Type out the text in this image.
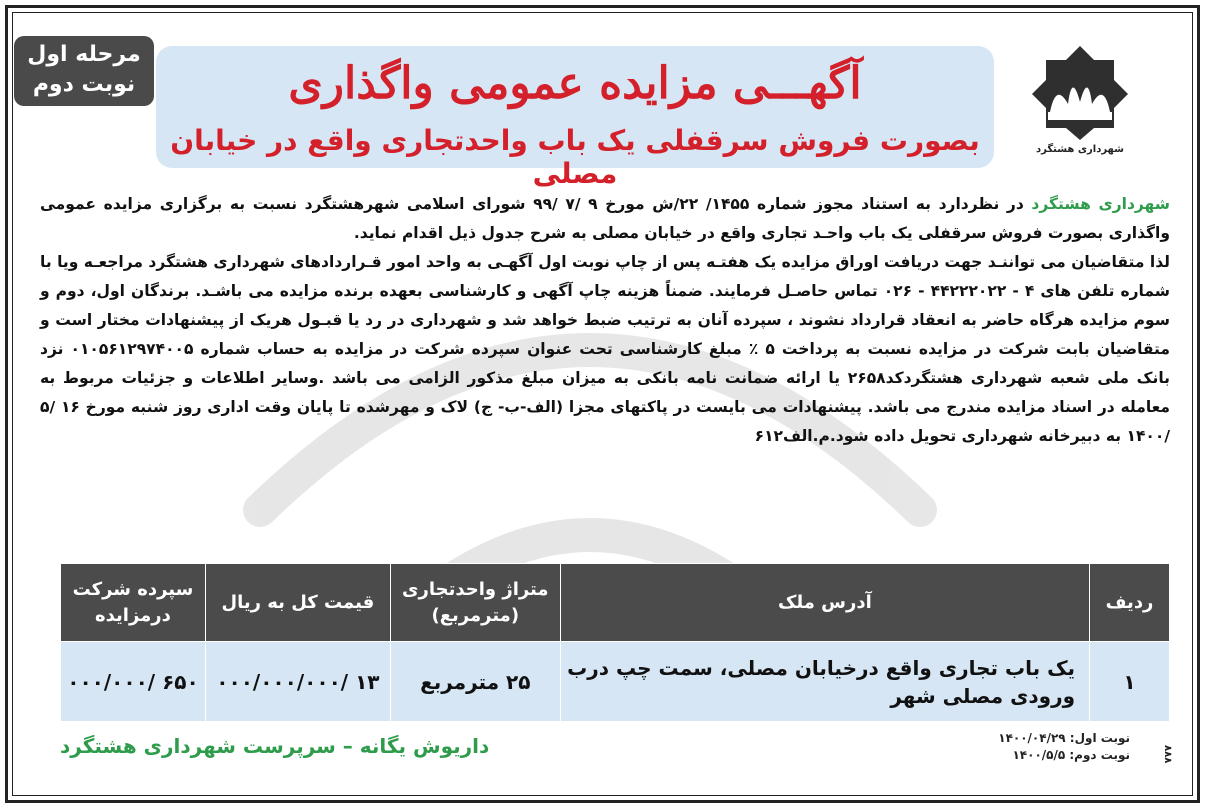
مرحله اول
نوبت دوم	آگهـــی مزایده عمومی واگذاری
بصورت فروش سرقفلی یک باب واحدتجاری واقع در خیابان مصلی
شهرداری هشتگرد

شهرداری هشتگرد در نظردارد به استناد مجوز شماره ۱۴۵۵/ ۲۲/ش مورخ ۹ /۷ /۹۹ شورای اسلامی شهرهشتگرد نسبت به برگزاری مزایده عمومی واگذاری بصورت فروش سرقفلی یک باب واحـد تجاری واقع در خیابان مصلی به شرح جدول ذیل اقدام نماید.

لذا متقاضیان می تواننـد جهت دریافت اوراق مزایده یک هفتـه پس از چاپ نوبت اول آگهـی به واحد امور قـراردادهای شهرداری هشتگرد مراجعـه ویا با شماره تلفن های ۴ - ۴۴۲۲۲۰۲۲ - ۰۲۶ تماس حاصـل فرمایند. ضمناً هزینه چاپ آگهی و کارشناسی بعهده برنده مزایده می باشـد. برندگان اول، دوم و سوم مزایده هرگاه حاضر به انعقاد قرارداد نشوند ، سپرده آنان به ترتیب ضبط خواهد شد و شهرداری در رد یا قبـول هریک از پیشنهادات مختار است و متقاضیان بابت شرکت در مزایده نسبت به پرداخت ۵ ٪ مبلغ کارشناسی تحت عنوان سپرده شرکت در مزایده به حساب شماره ۰۱۰۵۶۱۲۹۷۴۰۰۵ نزد بانک ملی شعبه شهرداری هشتگردکد۲۶۵۸ یا ارائه ضمانت نامه بانکی به میزان مبلغ مذکور الزامی می باشد .وسایر اطلاعات و جزئیات مربوط به معامله در اسناد مزایده مندرج می باشد. پیشنهادات می بایست در پاکتهای مجزا (الف-ب- ج) لاک و مهرشده تا پایان وقت اداری روز شنبه مورخ ۱۶ /۵ /۱۴۰۰ به دبیرخانه شهرداری تحویل داده شود.م.الف۶۱۲

ردیف	آدرس ملک	متراژ واحدتجاری (مترمربع)	قیمت کل به ریال	سپرده شرکت درمزایده
۱	یک باب تجاری واقع درخیابان مصلی، سمت چپ درب ورودی مصلی شهر	۲۵ مترمربع	۱۳ /۰۰۰/۰۰۰/۰۰۰	۶۵۰ /۰۰۰/۰۰۰
داریوش یگانه – سرپرست شهرداری هشتگرد	نوبت اول: ۱۴۰۰/۰۴/۲۹
نوبت دوم: ۱۴۰۰/۵/۵	۸۸۸
